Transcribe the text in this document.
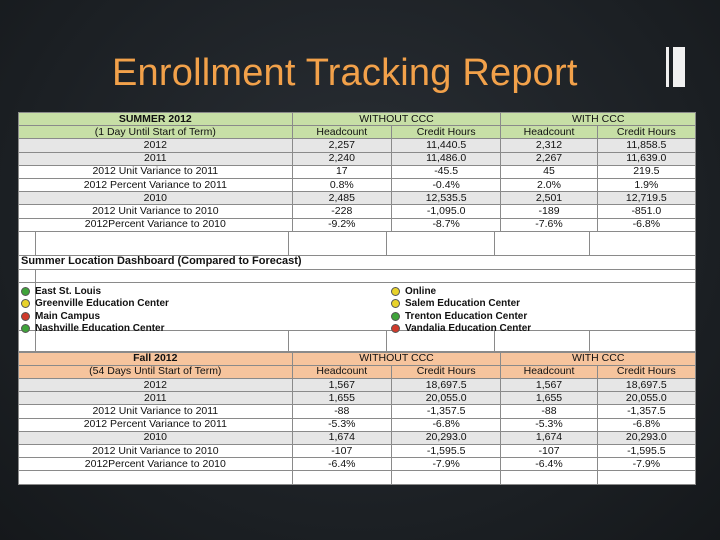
Enrollment Tracking Report
SUMMER 2012	WITHOUT CCC		WITH CCC	
(1 Day Until Start of Term)	Headcount	Credit Hours	Headcount	Credit Hours
2012	2,257	11,440.5	2,312	11,858.5
2011	2,240	11,486.0	2,267	11,639.0
2012 Unit Variance to 2011	17	-45.5	45	219.5
2012 Percent Variance to 2011	0.8%	-0.4%	2.0%	1.9%
2010	2,485	12,535.5	2,501	12,719.5
2012 Unit Variance to 2010	-228	-1,095.0	-189	-851.0
2012Percent Variance to 2010	-9.2%	-8.7%	-7.6%	-6.8%
Summer Location Dashboard (Compared to Forecast)
East St. Louis
Greenville Education Center
Main Campus
Nashville Education Center
Online
Salem Education Center
Trenton Education Center
Vandalia Education Center
Fall 2012	WITHOUT CCC		WITH CCC	
(54 Days Until Start of Term)	Headcount	Credit Hours	Headcount	Credit Hours
2012	1,567	18,697.5	1,567	18,697.5
2011	1,655	20,055.0	1,655	20,055.0
2012 Unit Variance to 2011	-88	-1,357.5	-88	-1,357.5
2012 Percent Variance to 2011	-5.3%	-6.8%	-5.3%	-6.8%
2010	1,674	20,293.0	1,674	20,293.0
2012 Unit Variance to 2010	-107	-1,595.5	-107	-1,595.5
2012Percent Variance to 2010	-6.4%	-7.9%	-6.4%	-7.9%
